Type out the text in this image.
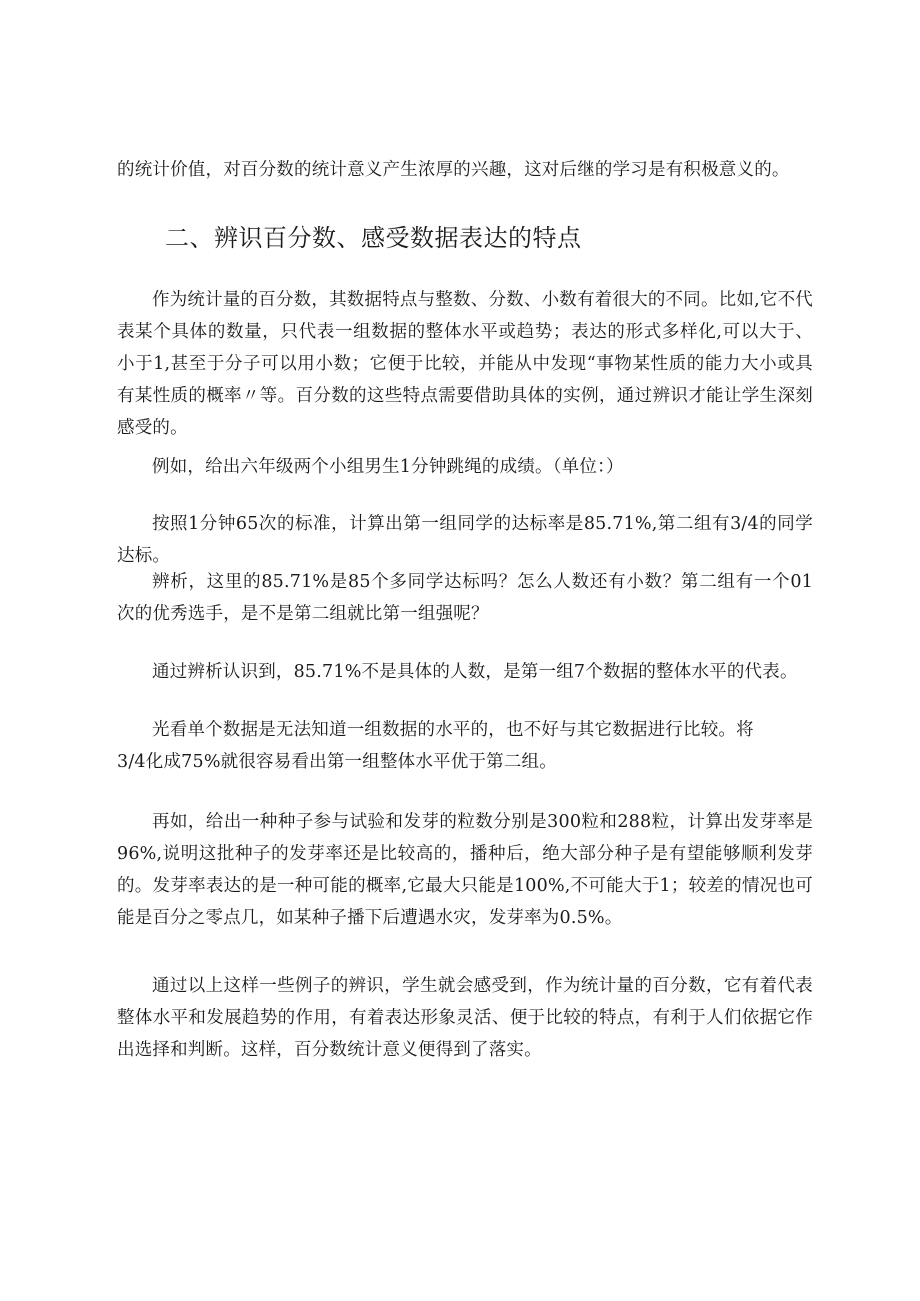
的统计价值，对百分数的统计意义产生浓厚的兴趣，这对后继的学习是有积极意义的。

二、辨识百分数、感受数据表达的特点

作为统计量的百分数，其数据特点与整数、分数、小数有着很大的不同。比如,它不代表某个具体的数量，只代表一组数据的整体水平或趋势；表达的形式多样化,可以大于、小于1,甚至于分子可以用小数；它便于比较，并能从中发现“事物某性质的能力大小或具有某性质的概率〃等。百分数的这些特点需要借助具体的实例，通过辨识才能让学生深刻感受的。

例如，给出六年级两个小组男生1分钟跳绳的成绩。（单位：）

按照1分钟65次的标准，计算出第一组同学的达标率是85.71%,第二组有3/4的同学达标。

辨析，这里的85.71%是85个多同学达标吗？怎么人数还有小数？第二组有一个01次的优秀选手，是不是第二组就比第一组强呢？

通过辨析认识到，85.71%不是具体的人数，是第一组7个数据的整体水平的代表。

光看单个数据是无法知道一组数据的水平的，也不好与其它数据进行比较。将
3/4化成75%就很容易看出第一组整体水平优于第二组。

再如，给出一种种子参与试验和发芽的粒数分别是300粒和288粒，计算出发芽率是96%,说明这批种子的发芽率还是比较高的，播种后，绝大部分种子是有望能够顺利发芽的。发芽率表达的是一种可能的概率,它最大只能是100%,不可能大于1；较差的情况也可能是百分之零点几，如某种子播下后遭遇水灾，发芽率为0.5%。

通过以上这样一些例子的辨识，学生就会感受到，作为统计量的百分数，它有着代表整体水平和发展趋势的作用，有着表达形象灵活、便于比较的特点，有利于人们依据它作出选择和判断。这样，百分数统计意义便得到了落实。
